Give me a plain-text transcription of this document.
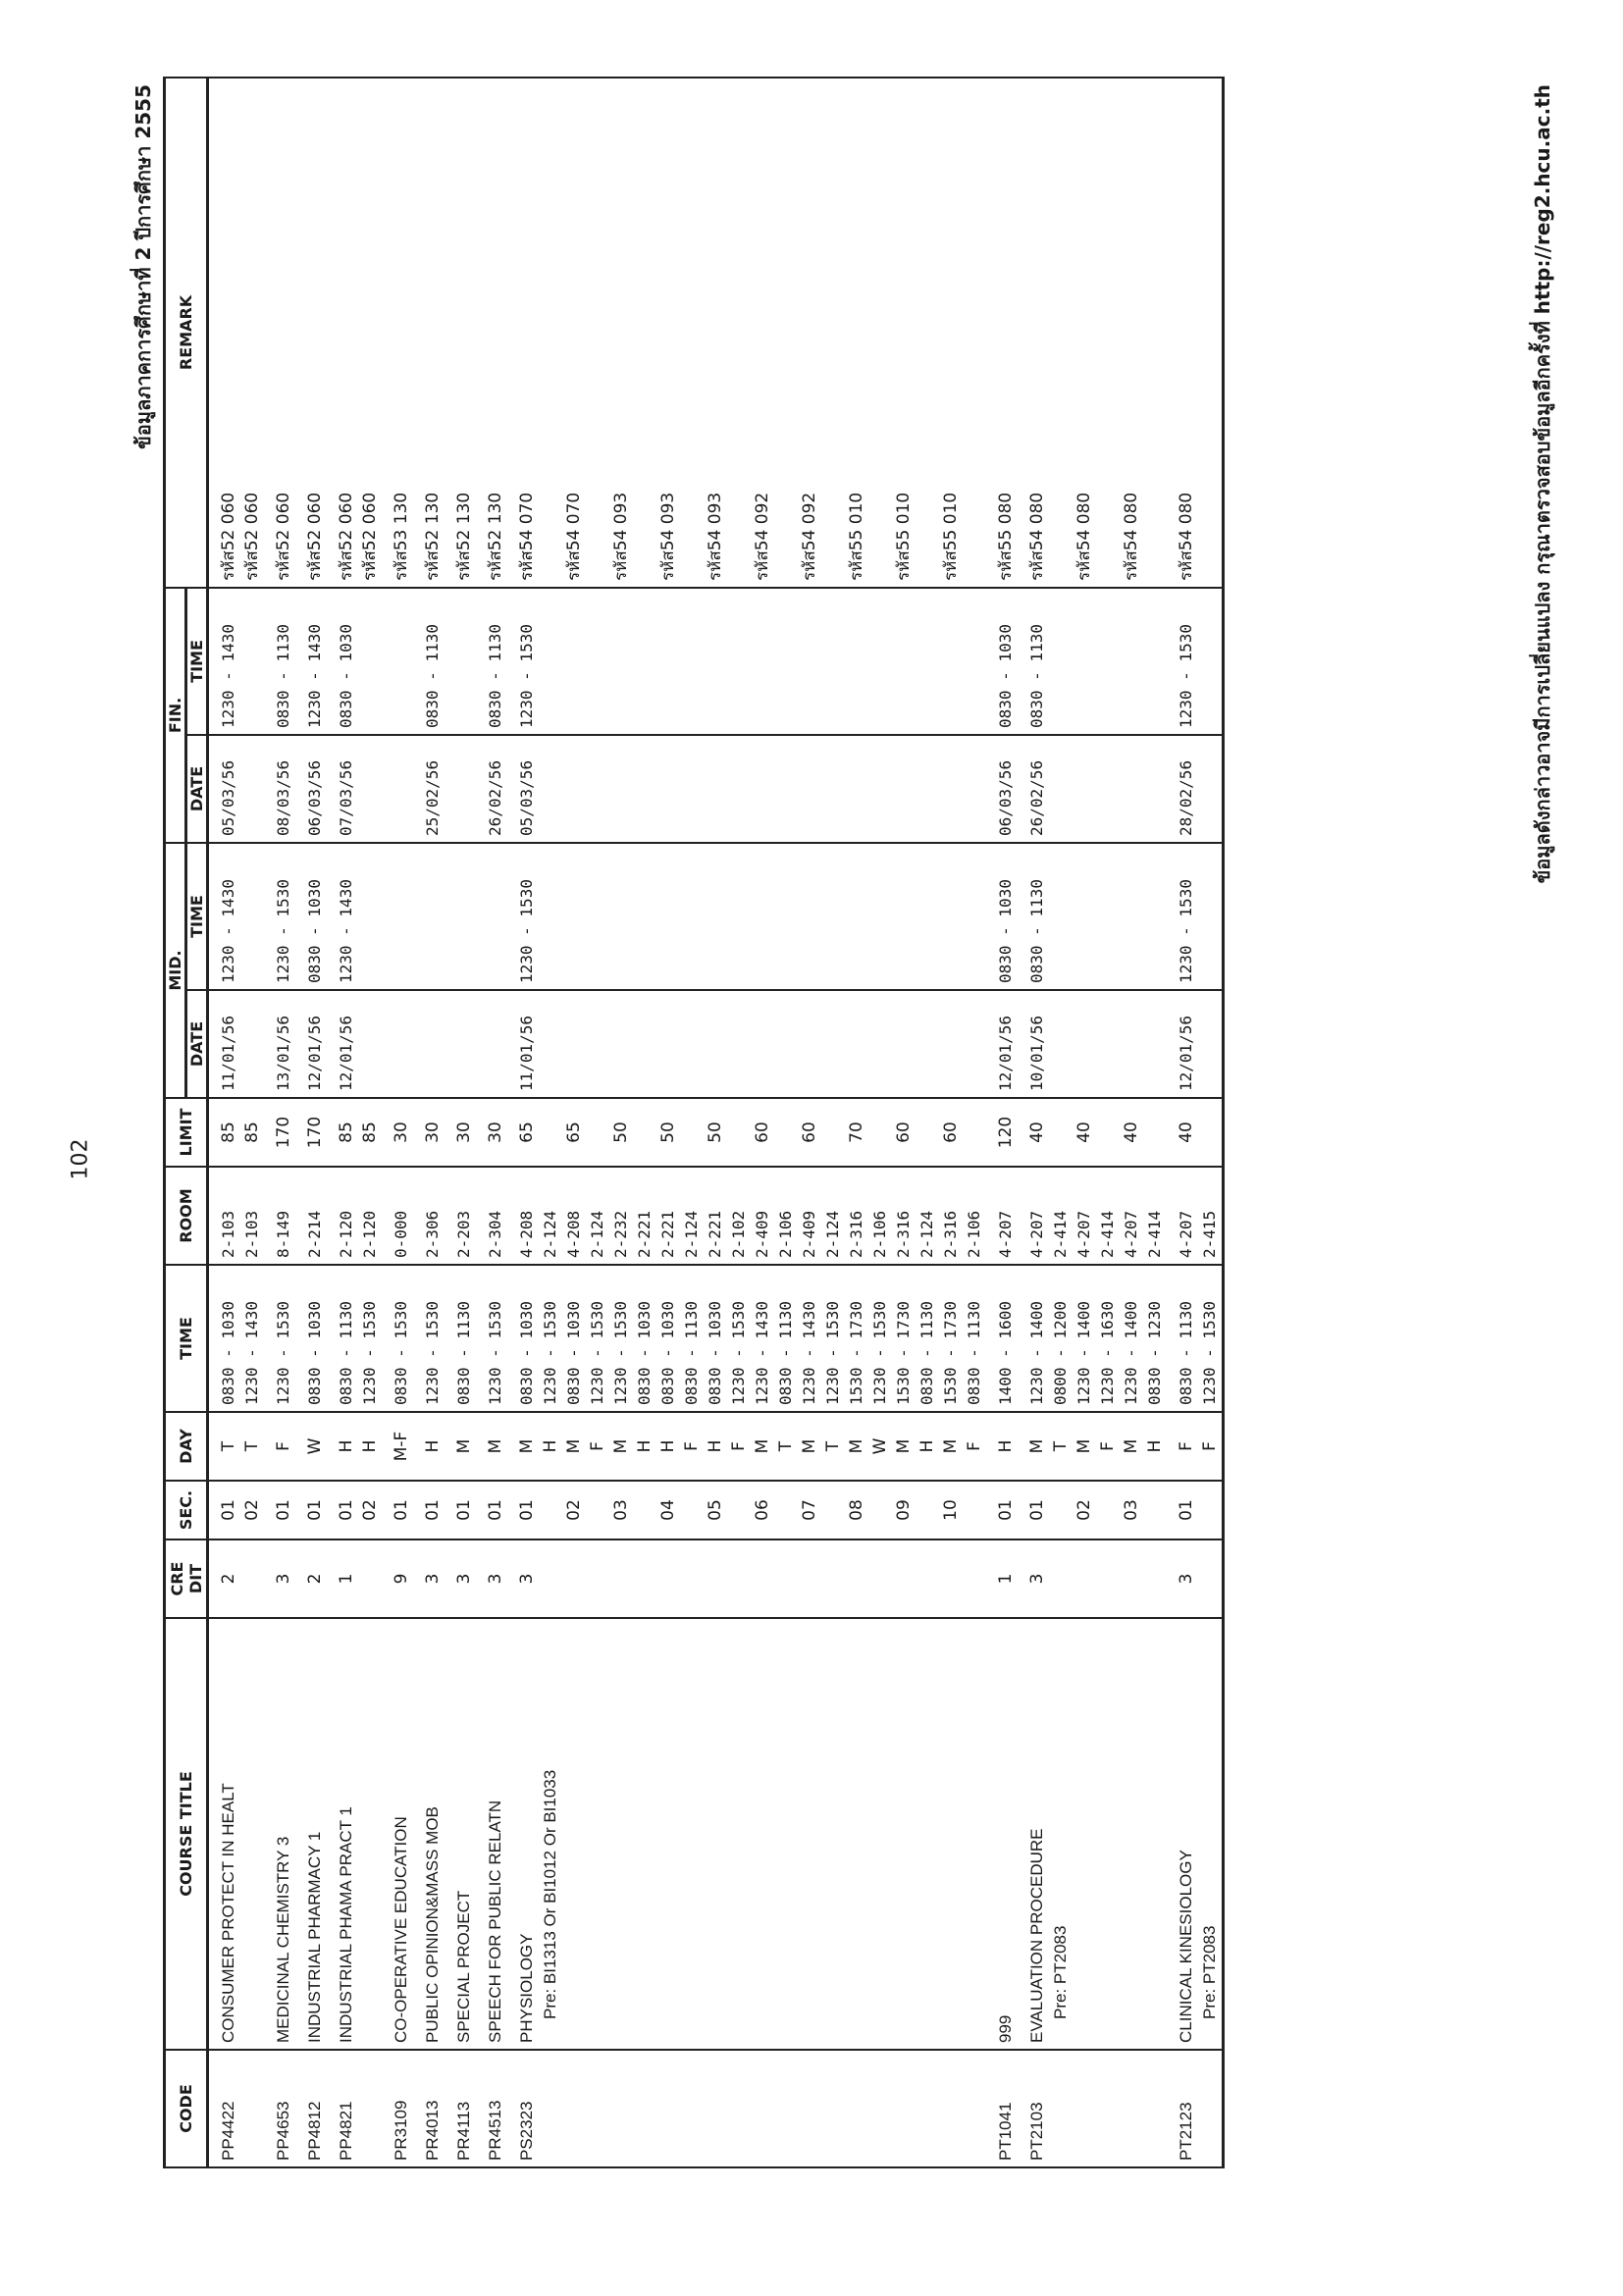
102
ข้อมูลภาคการศึกษาที่ 2 ปีการศึกษา 2555
CODE	COURSE TITLE	CRE DIT	SEC.	DAY	TIME	ROOM	LIMIT	MID.		FIN.		REMARK
								DATE	TIME	DATE	TIME	
PP4422	CONSUMER PROTECT IN HEALT	2	01	T	0830 - 1030	2-103	85	11/01/56	1230 - 1430	05/03/56	1230 - 1430	รหัส52 060
			02	T	1230 - 1430	2-103	85					รหัส52 060
PP4653	MEDICINAL CHEMISTRY 3	3	01	F	1230 - 1530	8-149	170	13/01/56	1230 - 1530	08/03/56	0830 - 1130	รหัส52 060
PP4812	INDUSTRIAL PHARMACY 1	2	01	W	0830 - 1030	2-214	170	12/01/56	0830 - 1030	06/03/56	1230 - 1430	รหัส52 060
PP4821	INDUSTRIAL PHAMA PRACT 1	1	01	H	0830 - 1130	2-120	85	12/01/56	1230 - 1430	07/03/56	0830 - 1030	รหัส52 060
			02	H	1230 - 1530	2-120	85					รหัส52 060
PR3109	CO-OPERATIVE EDUCATION	9	01	M-F	0830 - 1530	0-000	30					รหัส53 130
PR4013	PUBLIC OPINION&MASS MOB	3	01	H	1230 - 1530	2-306	30			25/02/56	0830 - 1130	รหัส52 130
PR4113	SPECIAL PROJECT	3	01	M	0830 - 1130	2-203	30					รหัส52 130
PR4513	SPEECH FOR PUBLIC RELATN	3	01	M	1230 - 1530	2-304	30			26/02/56	0830 - 1130	รหัส52 130
PS2323	PHYSIOLOGY	3	01	M	0830 - 1030	4-208	65	11/01/56	1230 - 1530	05/03/56	1230 - 1530	รหัส54 070
	Pre: BI1313 Or BI1012 Or BI1033			H	1230 - 1530	2-124						
			02	M	0830 - 1030	4-208	65					รหัส54 070
				F	1230 - 1530	2-124						
			03	M	1230 - 1530	2-232	50					รหัส54 093
				H	0830 - 1030	2-221						
			04	H	0830 - 1030	2-221	50					รหัส54 093
				F	0830 - 1130	2-124						
			05	H	0830 - 1030	2-221	50					รหัส54 093
				F	1230 - 1530	2-102						
			06	M	1230 - 1430	2-409	60					รหัส54 092
				T	0830 - 1130	2-106						
			07	M	1230 - 1430	2-409	60					รหัส54 092
				T	1230 - 1530	2-124						
			08	M	1530 - 1730	2-316	70					รหัส55 010
				W	1230 - 1530	2-106						
			09	M	1530 - 1730	2-316	60					รหัส55 010
				H	0830 - 1130	2-124						
			10	M	1530 - 1730	2-316	60					รหัส55 010
				F	0830 - 1130	2-106						
PT1041	999	1	01	H	1400 - 1600	4-207	120	12/01/56	0830 - 1030	06/03/56	0830 - 1030	รหัส55 080
PT2103	EVALUATION PROCEDURE	3	01	M	1230 - 1400	4-207	40	10/01/56	0830 - 1130	26/02/56	0830 - 1130	รหัส54 080
	Pre: PT2083			T	0800 - 1200	2-414						
			02	M	1230 - 1400	4-207	40					รหัส54 080
				F	1230 - 1630	2-414						
			03	M	1230 - 1400	4-207	40					รหัส54 080
				H	0830 - 1230	2-414						
PT2123	CLINICAL KINESIOLOGY	3	01	F	0830 - 1130	4-207	40	12/01/56	1230 - 1530	28/02/56	1230 - 1530	รหัส54 080
	Pre: PT2083			F	1230 - 1530	2-415						
ข้อมูลดังกล่าวอาจมีการเปลี่ยนแปลง กรุณาตรวจสอบข้อมูลอีกครั้งที่ http://reg2.hcu.ac.th
